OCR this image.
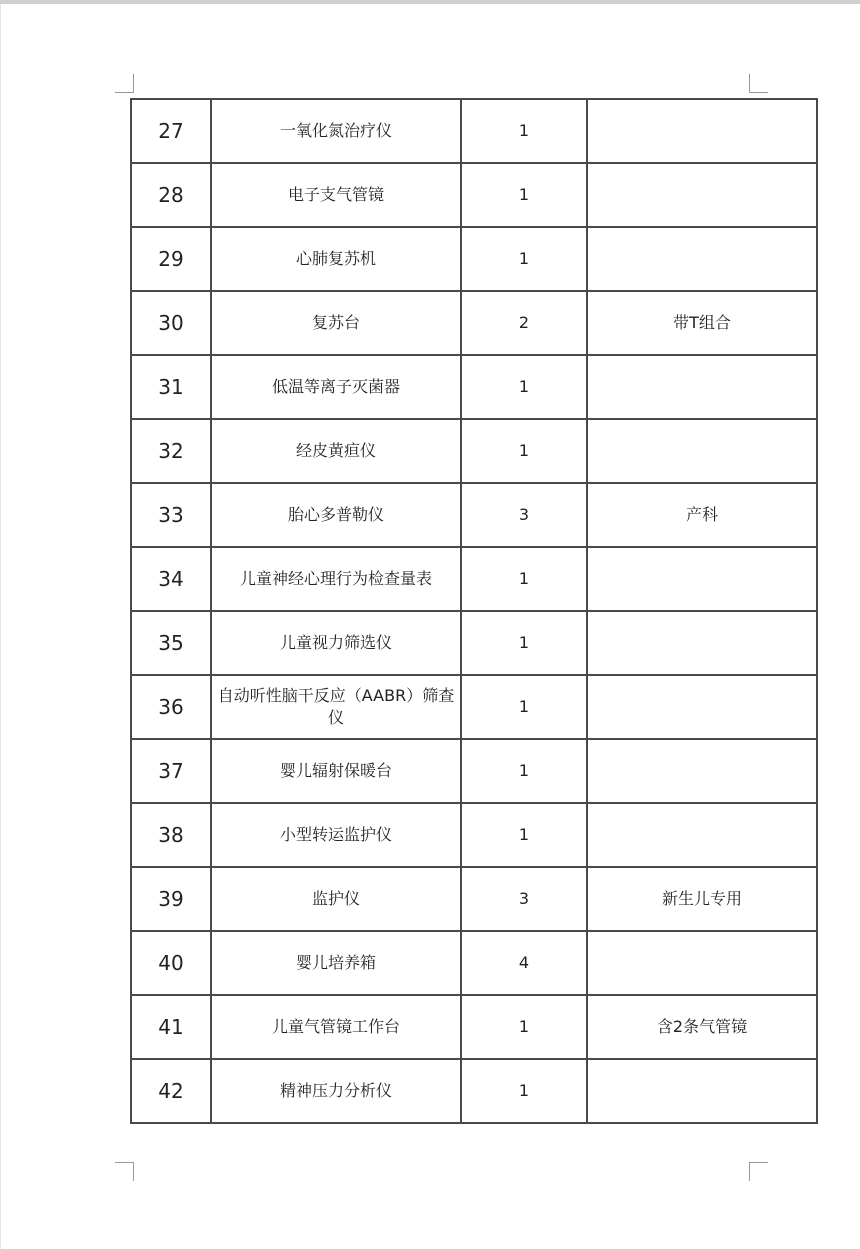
27	一氧化氮治疗仪	1	
28	电子支气管镜	1	
29	心肺复苏机	1	
30	复苏台	2	带T组合
31	低温等离子灭菌器	1	
32	经皮黄疸仪	1	
33	胎心多普勒仪	3	产科
34	儿童神经心理行为检查量表	1	
35	儿童视力筛选仪	1	
36	自动听性脑干反应（AABR）筛查仪	1	
37	婴儿辐射保暖台	1	
38	小型转运监护仪	1	
39	监护仪	3	新生儿专用
40	婴儿培养箱	4	
41	儿童气管镜工作台	1	含2条气管镜
42	精神压力分析仪	1	
